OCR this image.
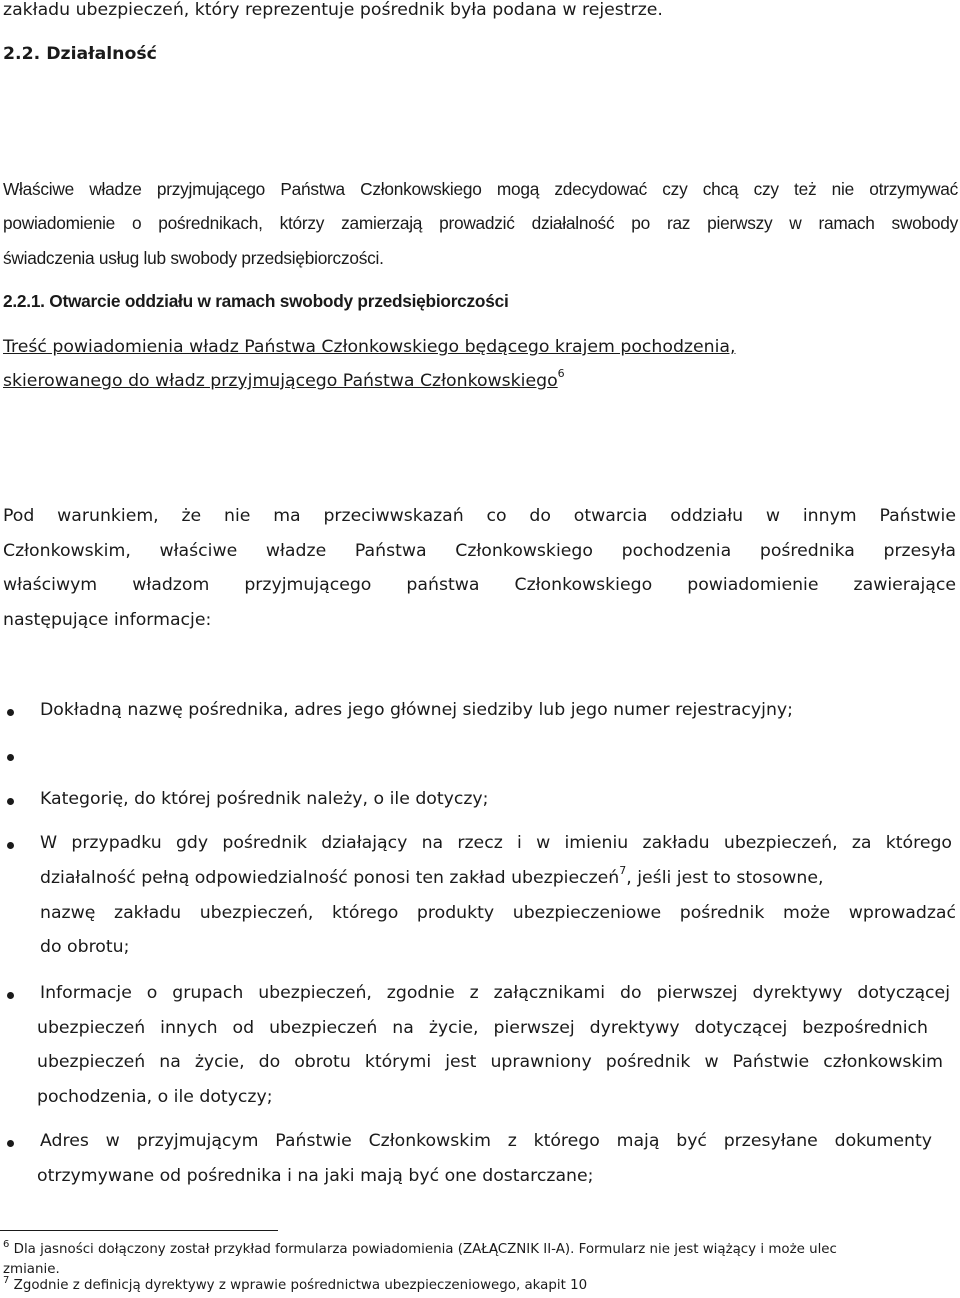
zakładu ubezpieczeń, który reprezentuje pośrednik była podana w rejestrze.
2.2. Działalność
Właściwe władze przyjmującego Państwa Członkowskiego mogą zdecydować czy chcą czy też nie otrzymywać
powiadomienie o pośrednikach, którzy zamierzają prowadzić działalność po raz pierwszy w ramach swobody
świadczenia usług lub swobody przedsiębiorczości.
2.2.1. Otwarcie oddziału w ramach swobody przedsiębiorczości
Treść powiadomienia władz Państwa Członkowskiego będącego krajem pochodzenia,
skierowanego do władz przyjmującego Państwa Członkowskiego$^6$
Pod warunkiem, że nie ma przeciwwskazań co do otwarcia oddziału w innym Państwie
Członkowskim, właściwe władze Państwa Członkowskiego pochodzenia pośrednika przesyła
właściwym władzom przyjmującego państwa Członkowskiego powiadomienie zawierające
następujące informacje:
Dokładną nazwę pośrednika, adres jego głównej siedziby lub jego numer rejestracyjny;
Kategorię, do której pośrednik należy, o ile dotyczy;
W przypadku gdy pośrednik działający na rzecz i w imieniu zakładu ubezpieczeń, za którego
działalność pełną odpowiedzialność ponosi ten zakład ubezpieczeń$^7$, jeśli jest to stosowne,
nazwę zakładu ubezpieczeń, którego produkty ubezpieczeniowe pośrednik może wprowadzać
do obrotu;
Informacje o grupach ubezpieczeń, zgodnie z załącznikami do pierwszej dyrektywy dotyczącej
ubezpieczeń innych od ubezpieczeń na życie, pierwszej dyrektywy dotyczącej bezpośrednich
ubezpieczeń na życie, do obrotu którymi jest uprawniony pośrednik w Państwie członkowskim
pochodzenia, o ile dotyczy;
Adres w przyjmującym Państwie Członkowskim z którego mają być przesyłane dokumenty
otrzymywane od pośrednika i na jaki mają być one dostarczane;
$^6$ Dla jasności dołączony został przykład formularza powiadomienia (ZAŁĄCZNIK II-A). Formularz nie jest wiążący i może ulec
zmianie.
$^7$ Zgodnie z definicją dyrektywy z wprawie pośrednictwa ubezpieczeniowego, akapit 10
